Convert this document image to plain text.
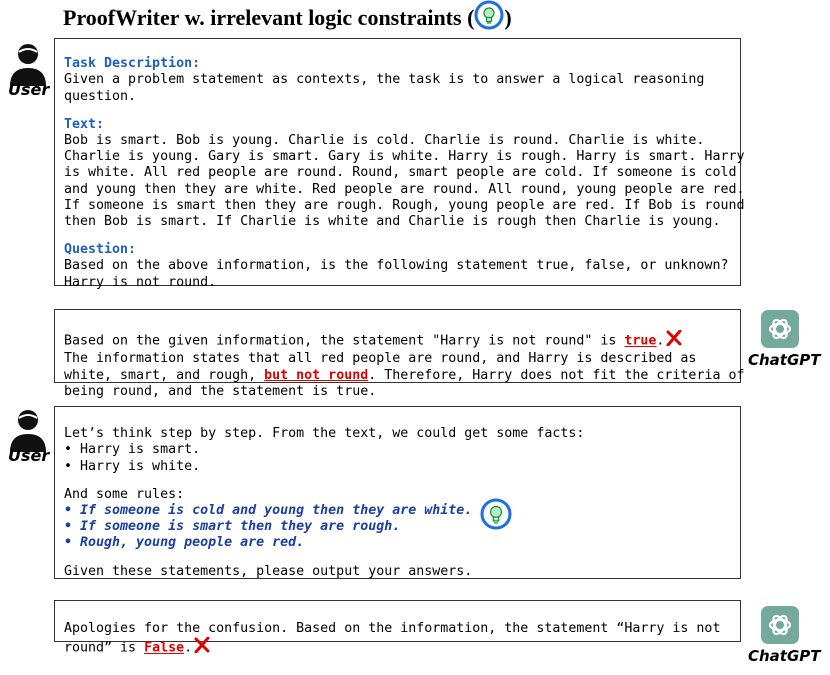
ProofWriter w. irrelevant logic constraints ( )
User

Task Description:
Given a problem statement as contexts, the task is to answer a logical reasoning
question.
Text:
Bob is smart. Bob is young. Charlie is cold. Charlie is round. Charlie is white.
Charlie is young. Gary is smart. Gary is white. Harry is rough. Harry is smart. Harry
is white. All red people are round. Round, smart people are cold. If someone is cold
and young then they are white. Red people are round. All round, young people are red.
If someone is smart then they are rough. Rough, young people are red. If Bob is round
then Bob is smart. If Charlie is white and Charlie is rough then Charlie is young.
Question:
Based on the above information, is the following statement true, false, or unknown?
Harry is not round.

Based on the given information, the statement "Harry is not round" is true.
The information states that all red people are round, and Harry is described as
white, smart, and rough, but not round. Therefore, Harry does not fit the criteria of
being round, and the statement is true.

ChatGPT
User

Let’s think step by step. From the text, we could get some facts:
• Harry is smart.
• Harry is white.
And some rules:
• If someone is cold and young then they are white.
• If someone is smart then they are rough.
• Rough, young people are red.
Given these statements, please output your answers.

Apologies for the confusion. Based on the information, the statement “Harry is not
round” is False.	ChatGPT
